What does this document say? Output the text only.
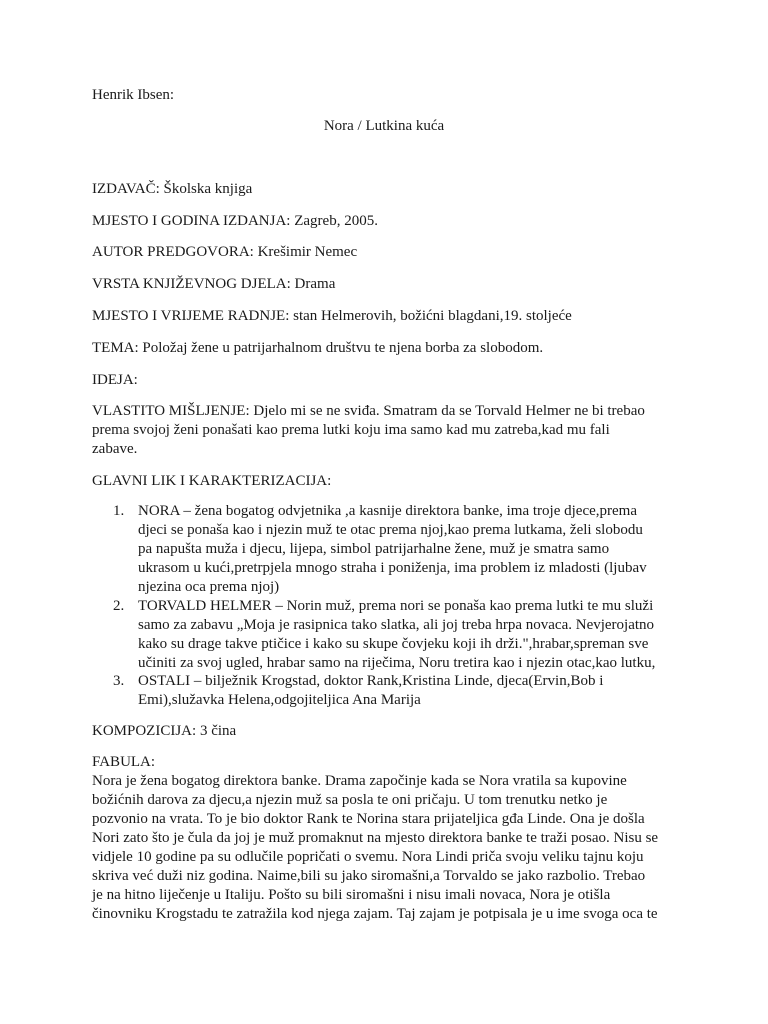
Henrik Ibsen:
Nora / Lutkina kuća
IZDAVAČ: Školska knjiga
MJESTO I GODINA IZDANJA: Zagreb, 2005.
AUTOR PREDGOVORA: Krešimir Nemec
VRSTA KNJIŽEVNOG DJELA: Drama
MJESTO I VRIJEME RADNJE: stan Helmerovih, božićni blagdani,19. stoljeće
TEMA: Položaj žene u patrijarhalnom društvu te njena borba za slobodom.
IDEJA:
VLASTITO MIŠLJENJE: Djelo mi se ne sviđa. Smatram da se Torvald Helmer ne bi trebao
prema svojoj ženi ponašati kao prema lutki koju ima samo kad mu zatreba,kad mu fali
zabave.
GLAVNI LIK I KARAKTERIZACIJA:
1. NORA – žena bogatog odvjetnika ,a kasnije direktora banke, ima troje djece,prema
djeci se ponaša kao i njezin muž te otac prema njoj,kao prema lutkama, želi slobodu
pa napušta muža i djecu, lijepa, simbol patrijarhalne žene, muž je smatra samo
ukrasom u kući,pretrpjela mnogo straha i poniženja, ima problem iz mladosti (ljubav
njezina oca prema njoj)
2. TORVALD HELMER – Norin muž, prema nori se ponaša kao prema lutki te mu služi
samo za zabavu „Moja je rasipnica tako slatka, ali joj treba hrpa novaca. Nevjerojatno
kako su drage takve ptičice i kako su skupe čovjeku koji ih drži.",hrabar,spreman sve
učiniti za svoj ugled, hrabar samo na riječima, Noru tretira kao i njezin otac,kao lutku,
3. OSTALI – bilježnik Krogstad, doktor Rank,Kristina Linde, djeca(Ervin,Bob i
Emi),služavka Helena,odgojiteljica Ana Marija
KOMPOZICIJA: 3 čina
FABULA:
Nora je žena bogatog direktora banke. Drama započinje kada se Nora vratila sa kupovine
božićnih darova za djecu,a njezin muž sa posla te oni pričaju. U tom trenutku netko je
pozvonio na vrata. To je bio doktor Rank te Norina stara prijateljica gđa Linde. Ona je došla
Nori zato što je čula da joj je muž promaknut na mjesto direktora banke te traži posao. Nisu se
vidjele 10 godine pa su odlučile popričati o svemu. Nora Lindi priča svoju veliku tajnu koju
skriva već duži niz godina. Naime,bili su jako siromašni,a Torvaldo se jako razbolio. Trebao
je na hitno liječenje u Italiju. Pošto su bili siromašni i nisu imali novaca, Nora je otišla
činovniku Krogstadu te zatražila kod njega zajam. Taj zajam je potpisala je u ime svoga oca te
